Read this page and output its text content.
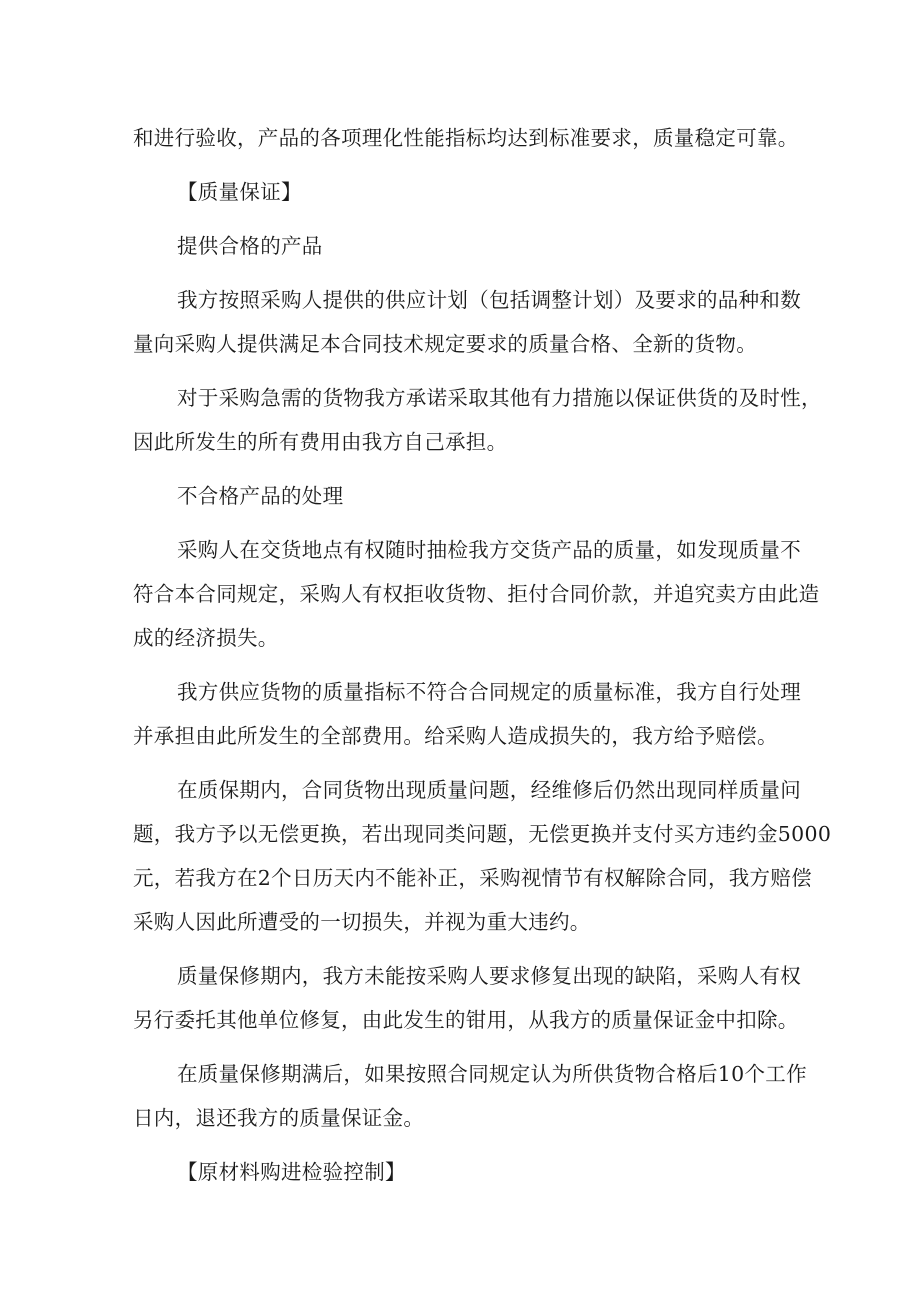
和进行验收，产品的各项理化性能指标均达到标准要求，质量稳定可靠。
【质量保证】
提供合格的产品
我方按照采购人提供的供应计划（包括调整计划）及要求的品种和数
量向采购人提供满足本合同技术规定要求的质量合格、全新的货物。
对于采购急需的货物我方承诺采取其他有力措施以保证供货的及时性，
因此所发生的所有费用由我方自己承担。
不合格产品的处理
采购人在交货地点有权随时抽检我方交货产品的质量，如发现质量不
符合本合同规定，采购人有权拒收货物、拒付合同价款，并追究卖方由此造
成的经济损失。
我方供应货物的质量指标不符合合同规定的质量标准，我方自行处理
并承担由此所发生的全部费用。给采购人造成损失的，我方给予赔偿。
在质保期内，合同货物出现质量问题，经维修后仍然出现同样质量问
题，我方予以无偿更换，若出现同类问题，无偿更换并支付买方违约金5000
元，若我方在2个日历天内不能补正，采购视情节有权解除合同，我方赔偿
采购人因此所遭受的一切损失，并视为重大违约。
质量保修期内，我方未能按采购人要求修复出现的缺陷，采购人有权
另行委托其他单位修复，由此发生的钳用，从我方的质量保证金中扣除。
在质量保修期满后，如果按照合同规定认为所供货物合格后10个工作
日内，退还我方的质量保证金。
【原材料购进检验控制】
